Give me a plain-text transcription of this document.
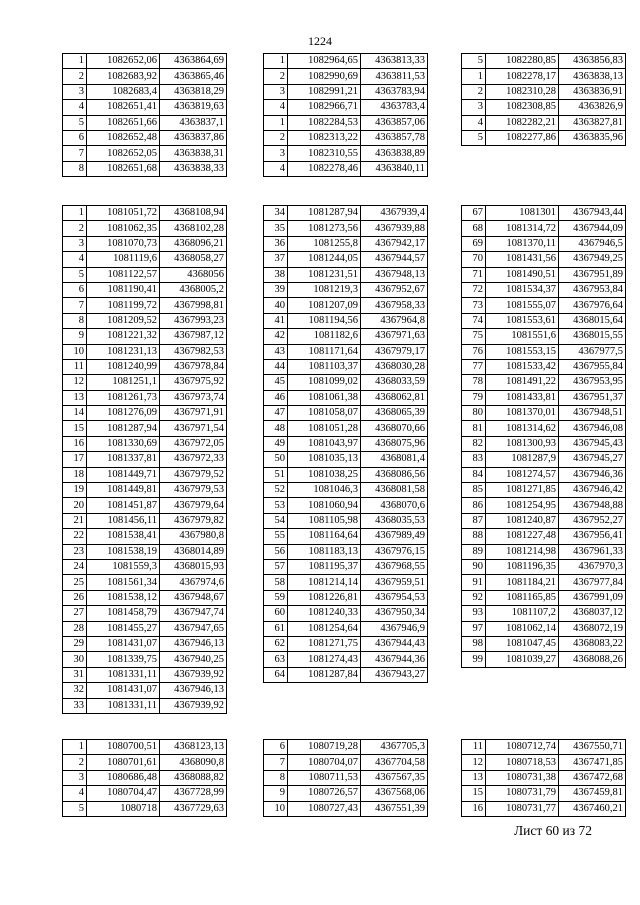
1224
1	1082652,06	4363864,69
2	1082683,92	4363865,46
3	1082683,4	4363818,29
4	1082651,41	4363819,63
5	1082651,66	4363837,1
6	1082652,48	4363837,86
7	1082652,05	4363838,31
8	1082651,68	4363838,33
1	1082964,65	4363813,33
2	1082990,69	4363811,53
3	1082991,21	4363783,94
4	1082966,71	4363783,4
1	1082284,53	4363857,06
2	1082313,22	4363857,78
3	1082310,55	4363838,89
4	1082278,46	4363840,11
5	1082280,85	4363856,83
1	1082278,17	4363838,13
2	1082310,28	4363836,91
3	1082308,85	4363826,9
4	1082282,21	4363827,81
5	1082277,86	4363835,96
1	1081051,72	4368108,94
2	1081062,35	4368102,28
3	1081070,73	4368096,21
4	1081119,6	4368058,27
5	1081122,57	4368056
6	1081190,41	4368005,2
7	1081199,72	4367998,81
8	1081209,52	4367993,23
9	1081221,32	4367987,12
10	1081231,13	4367982,53
11	1081240,99	4367978,84
12	1081251,1	4367975,92
13	1081261,73	4367973,74
14	1081276,09	4367971,91
15	1081287,94	4367971,54
16	1081330,69	4367972,05
17	1081337,81	4367972,33
18	1081449,71	4367979,52
19	1081449,81	4367979,53
20	1081451,87	4367979,64
21	1081456,11	4367979,82
22	1081538,41	4367980,8
23	1081538,19	4368014,89
24	1081559,3	4368015,93
25	1081561,34	4367974,6
26	1081538,12	4367948,67
27	1081458,79	4367947,74
28	1081455,27	4367947,65
29	1081431,07	4367946,13
30	1081339,75	4367940,25
31	1081331,11	4367939,92
32	1081431,07	4367946,13
33	1081331,11	4367939,92
34	1081287,94	4367939,4
35	1081273,56	4367939,88
36	1081255,8	4367942,17
37	1081244,05	4367944,57
38	1081231,51	4367948,13
39	1081219,3	4367952,67
40	1081207,09	4367958,33
41	1081194,56	4367964,8
42	1081182,6	4367971,63
43	1081171,64	4367979,17
44	1081103,37	4368030,28
45	1081099,02	4368033,59
46	1081061,38	4368062,81
47	1081058,07	4368065,39
48	1081051,28	4368070,66
49	1081043,97	4368075,96
50	1081035,13	4368081,4
51	1081038,25	4368086,56
52	1081046,3	4368081,58
53	1081060,94	4368070,6
54	1081105,98	4368035,53
55	1081164,64	4367989,49
56	1081183,13	4367976,15
57	1081195,37	4367968,55
58	1081214,14	4367959,51
59	1081226,81	4367954,53
60	1081240,33	4367950,34
61	1081254,64	4367946,9
62	1081271,75	4367944,43
63	1081274,43	4367944,36
64	1081287,84	4367943,27
67	1081301	4367943,44
68	1081314,72	4367944,09
69	1081370,11	4367946,5
70	1081431,56	4367949,25
71	1081490,51	4367951,89
72	1081534,37	4367953,84
73	1081555,07	4367976,64
74	1081553,61	4368015,64
75	1081551,6	4368015,55
76	1081553,15	4367977,5
77	1081533,42	4367955,84
78	1081491,22	4367953,95
79	1081433,81	4367951,37
80	1081370,01	4367948,51
81	1081314,62	4367946,08
82	1081300,93	4367945,43
83	1081287,9	4367945,27
84	1081274,57	4367946,36
85	1081271,85	4367946,42
86	1081254,95	4367948,88
87	1081240,87	4367952,27
88	1081227,48	4367956,41
89	1081214,98	4367961,33
90	1081196,35	4367970,3
91	1081184,21	4367977,84
92	1081165,85	4367991,09
93	1081107,2	4368037,12
97	1081062,14	4368072,19
98	1081047,45	4368083,22
99	1081039,27	4368088,26
1	1080700,51	4368123,13
2	1080701,61	4368090,8
3	1080686,48	4368088,82
4	1080704,47	4367728,99
5	1080718	4367729,63
6	1080719,28	4367705,3
7	1080704,07	4367704,58
8	1080711,53	4367567,35
9	1080726,57	4367568,06
10	1080727,43	4367551,39
11	1080712,74	4367550,71
12	1080718,53	4367471,85
13	1080731,38	4367472,68
15	1080731,79	4367459,81
16	1080731,77	4367460,21
Лист 60 из 72
